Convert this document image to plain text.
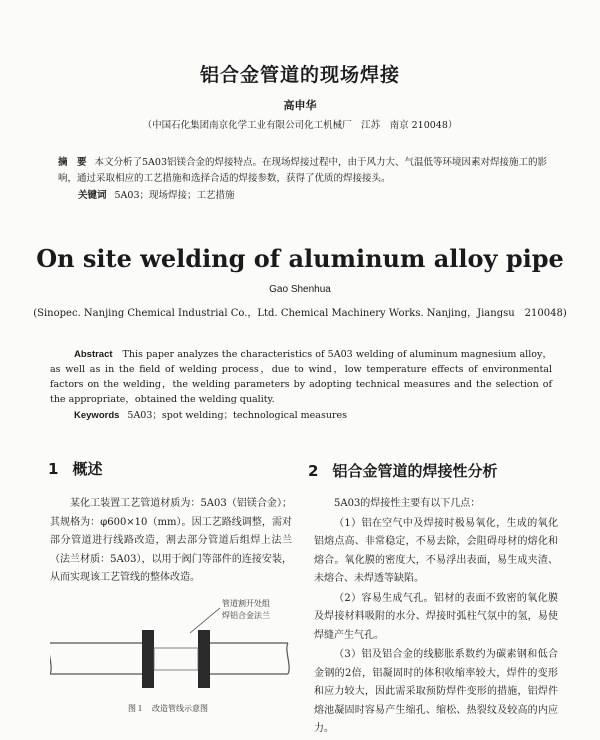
铝合金管道的现场焊接
高申华
（中国石化集团南京化学工业有限公司化工机械厂　江苏　南京 210048）
摘　要 本文分析了5A03铝镁合金的焊接特点。在现场焊接过程中，由于风力大、气温低等环境因素对焊接施工的影响，通过采取相应的工艺措施和选择合适的焊接参数，获得了优质的焊接接头。
关键词 5A03；现场焊接；工艺措施
On site welding of aluminum alloy pipe
Gao Shenhua
(Sinopec. Nanjing Chemical Industrial Co.，Ltd. Chemical Machinery Works. Nanjing，Jiangsu　210048)
Abstract This paper analyzes the characteristics of 5A03 welding of aluminum magnesium alloy，as well as in the field of welding process，due to wind，low temperature effects of environmental factors on the welding，the welding parameters by adopting technical measures and the selection of the appropriate，obtained the welding quality.
Keywords 5A03；spot welding；technological measures
1 概述	2 铝合金管道的焊接性分析

某化工装置工艺管道材质为：5A03（铝镁合金）；其规格为：φ600×10（mm）。因工艺路线调整，需对部分管道进行线路改造，割去部分管道后组焊上法兰（法兰材质：5A03），以用于阀门等部件的连接安装，从而实现该工艺管线的整体改造。

管道割开处组
焊铝合金法兰
图１　改造管线示意图

5A03的焊接性主要有以下几点：

（1）铝在空气中及焊接时极易氧化，生成的氧化铝熔点高、非常稳定，不易去除，会阻碍母材的熔化和熔合。氧化膜的密度大，不易浮出表面，易生成夹渣、未熔合、未焊透等缺陷。

（2）容易生成气孔。铝材的表面不致密的氧化膜及焊接材料吸附的水分、焊接时弧柱气氛中的氢，易使焊缝产生气孔。

（3）铝及铝合金的线膨胀系数约为碳素钢和低合金钢的2倍，铝凝固时的体积收缩率较大，焊件的变形和应力较大，因此需采取预防焊件变形的措施，铝焊件熔池凝固时容易产生缩孔、缩松、热裂纹及较高的内应力。
